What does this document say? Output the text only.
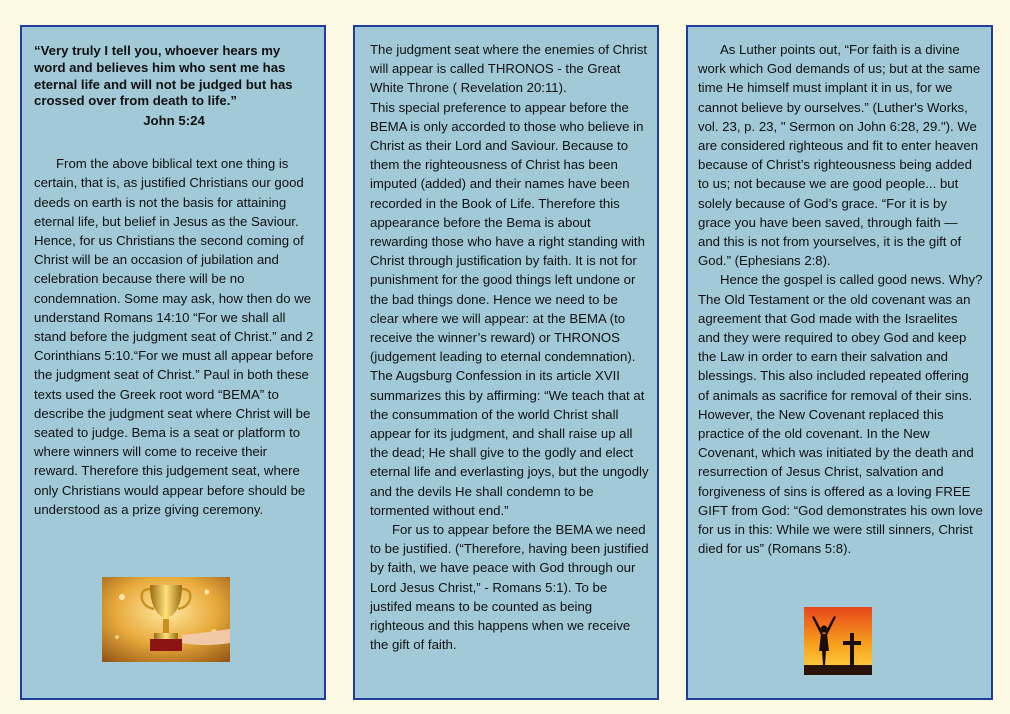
“Very truly I tell you, whoever hears my word and believes him who sent me has eternal life and will not be judged but has crossed over from death to life.”

John 5:24

From the above biblical text one thing is certain, that is, as justified Christians our good deeds on earth is not the basis for attaining eternal life, but belief in Jesus as the Saviour. Hence, for us Christians the second coming of Christ will be an occasion of jubilation and celebration because there will be no condemnation. Some may ask, how then do we understand Romans 14:10 “For we shall all stand before the judgment seat of Christ.” and 2 Corinthians 5:10.“For we must all appear before the judgment seat of Christ.” Paul in both these texts used the Greek root word “BEMA” to describe the judgment seat where Christ will be seated to judge. Bema is a seat or platform to where winners will come to receive their reward. Therefore this judgement seat, where only Christians would appear before should be understood as a prize giving ceremony.

The judgment seat where the enemies of Christ will appear is called THRONOS - the Great White Throne ( Revelation 20:11).

This special preference to appear before the BEMA is only accorded to those who believe in Christ as their Lord and Saviour. Because to them the righteousness of Christ has been imputed (added) and their names have been recorded in the Book of Life. Therefore this appearance before the Bema is about rewarding those who have a right standing with Christ through justification by faith. It is not for punishment for the good things left undone or the bad things done. Hence we need to be clear where we will appear: at the BEMA (to receive the winner’s reward) or THRONOS (judgement leading to eternal condemnation). The Augsburg Confession in its article XVII summarizes this by affirming: “We teach that at the consummation of the world Christ shall appear for its judgment, and shall raise up all the dead; He shall give to the godly and elect eternal life and everlasting joys, but the ungodly and the devils He shall condemn to be tormented without end.”

For us to appear before the BEMA we need to be justified. (“Therefore, having been justified by faith, we have peace with God through our Lord Jesus Christ,” - Romans 5:1). To be justifed means to be counted as being righteous and this happens when we receive the gift of faith.

As Luther points out, “For faith is a divine work which God demands of us; but at the same time He himself must implant it in us, for we cannot believe by ourselves.” (Luther's Works, vol. 23, p. 23, " Sermon on John 6:28, 29."). We are considered righteous and fit to enter heaven because of Christ’s righteousness being added to us; not because we are good people... but solely because of God’s grace. “For it is by grace you have been saved, through faith — and this is not from yourselves, it is the gift of God.” (Ephesians 2:8).

Hence the gospel is called good news. Why? The Old Testament or the old covenant was an agreement that God made with the Israelites and they were required to obey God and keep the Law in order to earn their salvation and blessings. This also included repeated offering of animals as sacrifice for removal of their sins. However, the New Covenant replaced this practice of the old covenant. In the New Covenant, which was initiated by the death and resurrection of Jesus Christ, salvation and forgiveness of sins is offered as a loving FREE GIFT from God: “God demonstrates his own love for us in this: While we were still sinners, Christ died for us” (Romans 5:8).
